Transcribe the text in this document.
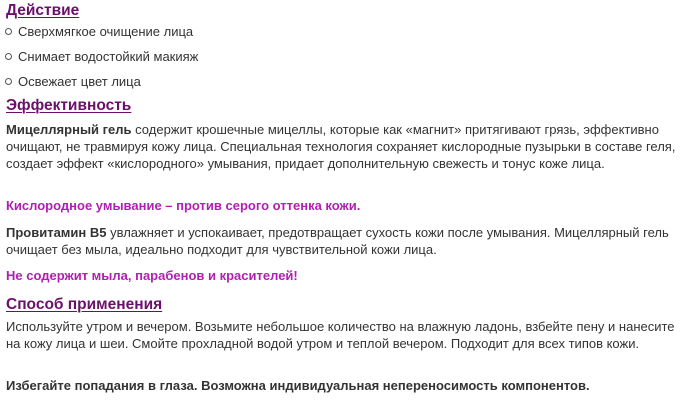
Действие
Сверхмягкое очищение лица
Снимает водостойкий макияж
Освежает цвет лица
Эффективность
Мицеллярный гель содержит крошечные мицеллы, которые как «магнит» притягивают грязь, эффективно очищают, не травмируя кожу лица. Специальная технология сохраняет кислородные пузырьки в составе геля, создает эффект «кислородного» умывания, придает дополнительную свежесть и тонус коже лица.
Кислородное умывание – против серого оттенка кожи.
Провитамин B5 увлажняет и успокаивает, предотвращает сухость кожи после умывания. Мицеллярный гель очищает без мыла, идеально подходит для чувствительной кожи лица.
Не содержит мыла, парабенов и красителей!
Способ применения
Используйте утром и вечером. Возьмите небольшое количество на влажную ладонь, взбейте пену и нанесите на кожу лица и шеи. Смойте прохладной водой утром и теплой вечером. Подходит для всех типов кожи.
Избегайте попадания в глаза. Возможна индивидуальная непереносимость компонентов.
